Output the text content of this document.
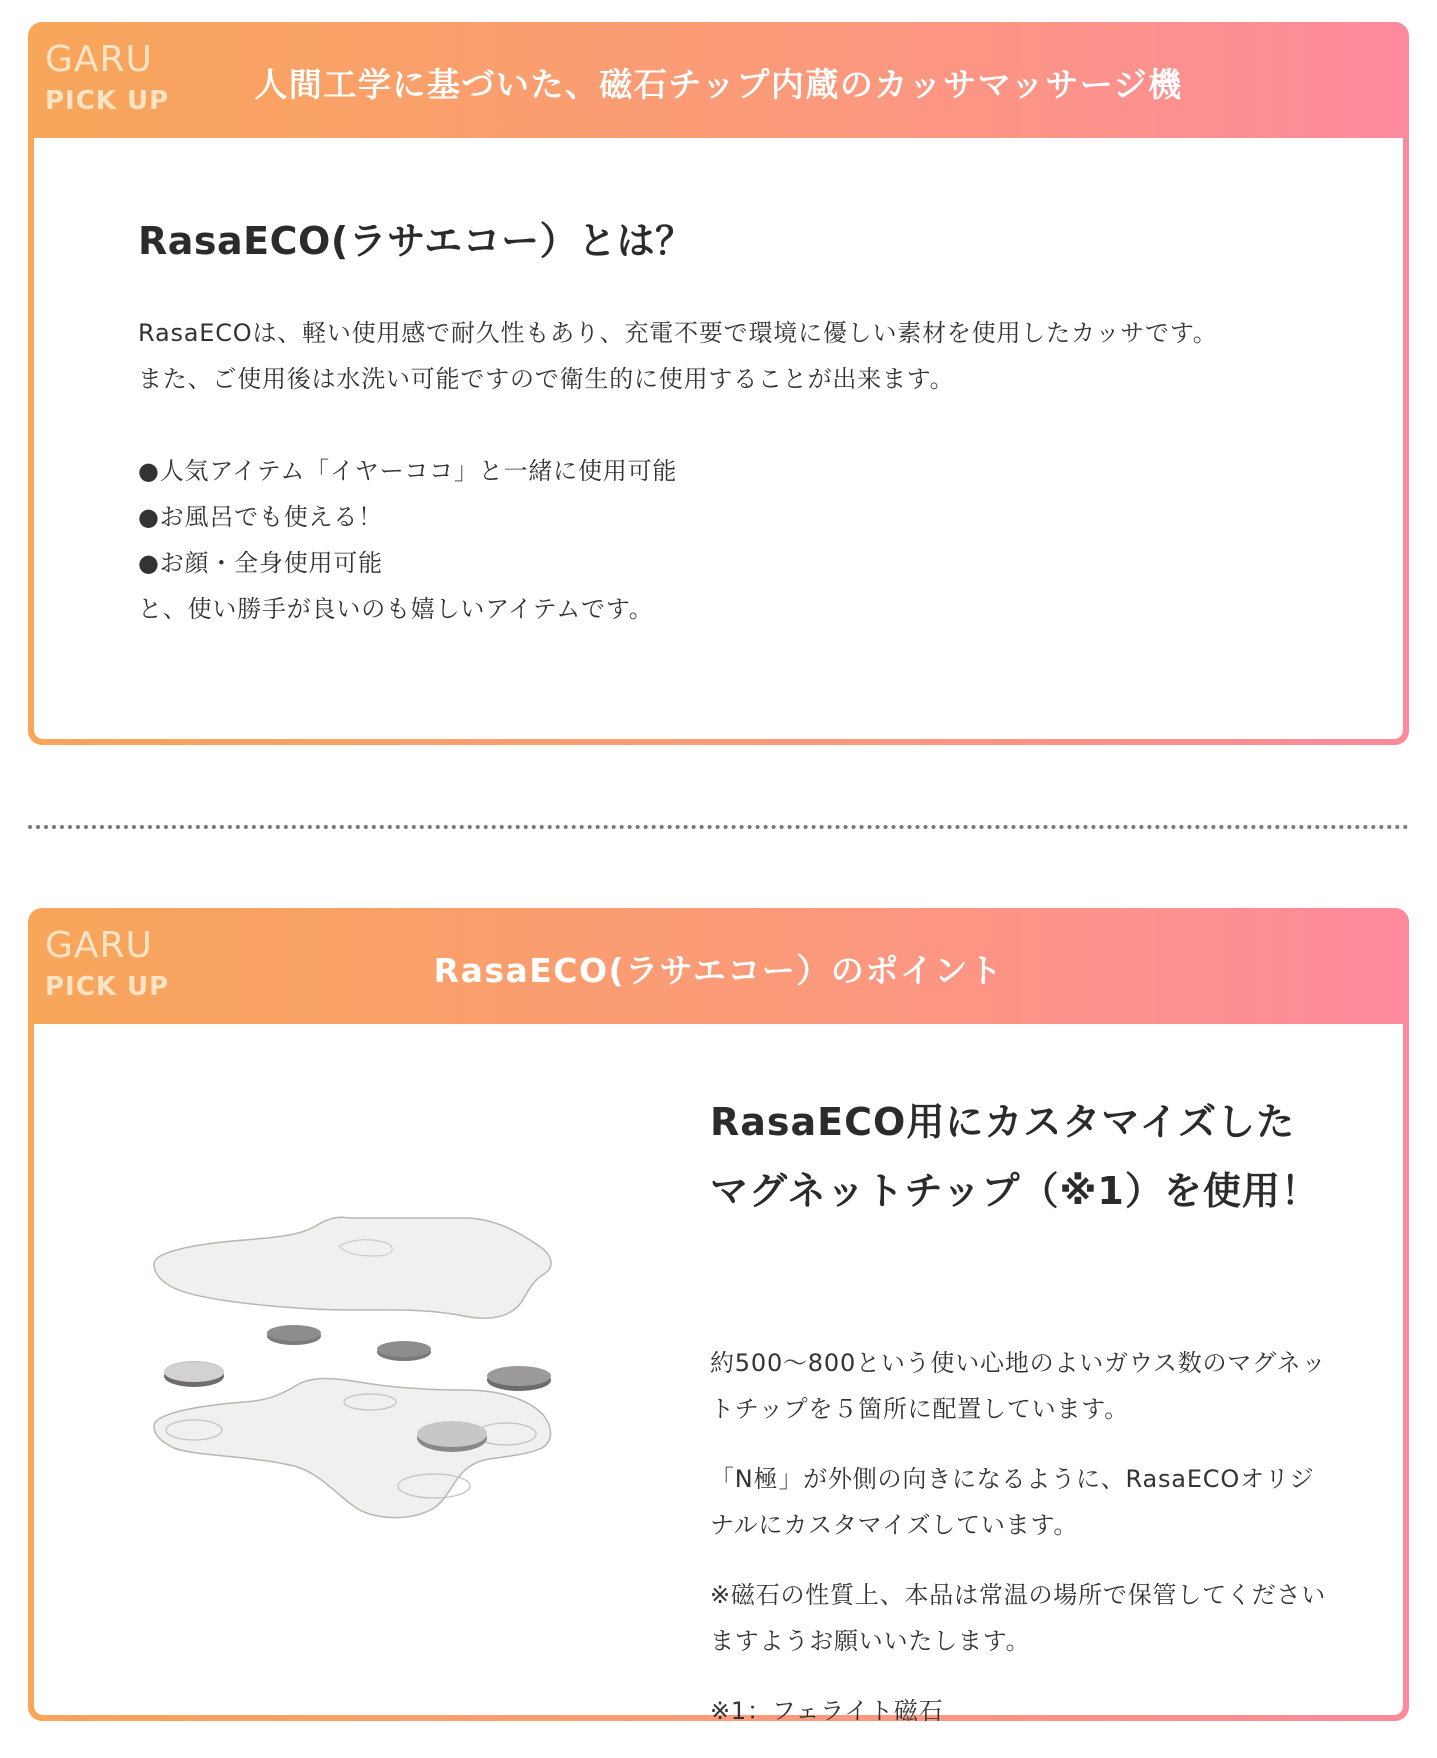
GARU
PICK UP	人間工学に基づいた、磁石チップ内蔵のカッサマッサージ機
RasaECO(ラサエコー）とは？

RasaECOは、軽い使用感で耐久性もあり、充電不要で環境に優しい素材を使用したカッサです。

また、ご使用後は水洗い可能ですので衛生的に使用することが出来ます。

●人気アイテム「イヤーココ」と一緒に使用可能

●お風呂でも使える！

●お顔・全身使用可能

と、使い勝手が良いのも嬉しいアイテムです。

GARU
PICK UP	RasaECO(ラサエコー）のポイント
RasaECO用にカスタマイズしたマグネットチップ（※1）を使用！

約500〜800という使い心地のよいガウス数のマグネットチップを５箇所に配置しています。

「N極」が外側の向きになるように、RasaECOオリジナルにカスタマイズしています。

※磁石の性質上、本品は常温の場所で保管してくださいますようお願いいたします。

※1：フェライト磁石
